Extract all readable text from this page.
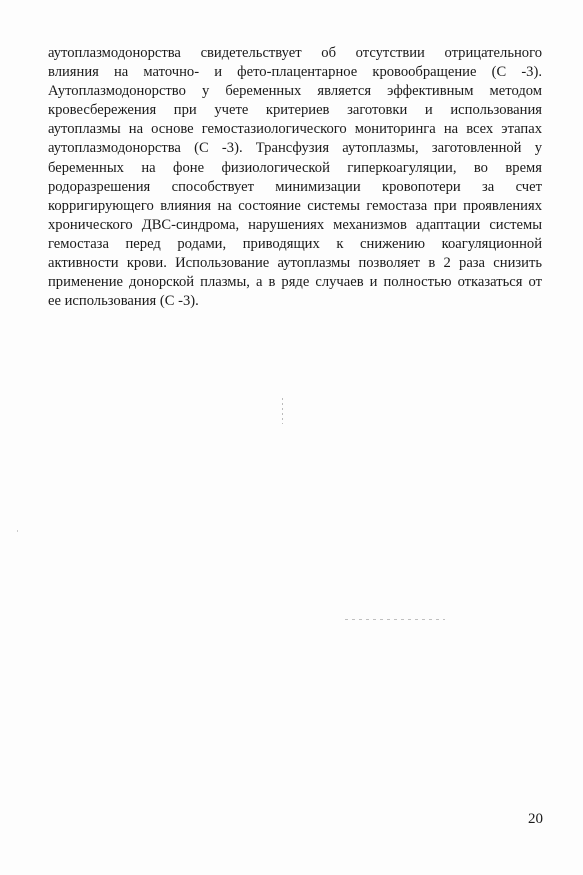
аутоплазмодонорства свидетельствует об отсутствии отрицательного
влияния на маточно- и фето-плацентарное кровообращение (С -3).
Аутоплазмодонорство у беременных является эффективным методом
кровесбережения при учете критериев заготовки и использования
аутоплазмы на основе гемостазиологического мониторинга на всех этапах
аутоплазмодонорства (С -3). Трансфузия аутоплазмы, заготовленной у
беременных на фоне физиологической гиперкоагуляции, во время
родоразрешения способствует минимизации кровопотери за счет
корригирующего влияния на состояние системы гемостаза при проявлениях
хронического ДВС-синдрома, нарушениях механизмов адаптации системы
гемостаза перед родами, приводящих к снижению коагуляционной
активности крови. Использование аутоплазмы позволяет в 2 раза снизить
применение донорской плазмы, а в ряде случаев и полностью отказаться от
ее использования (С -3).
20
